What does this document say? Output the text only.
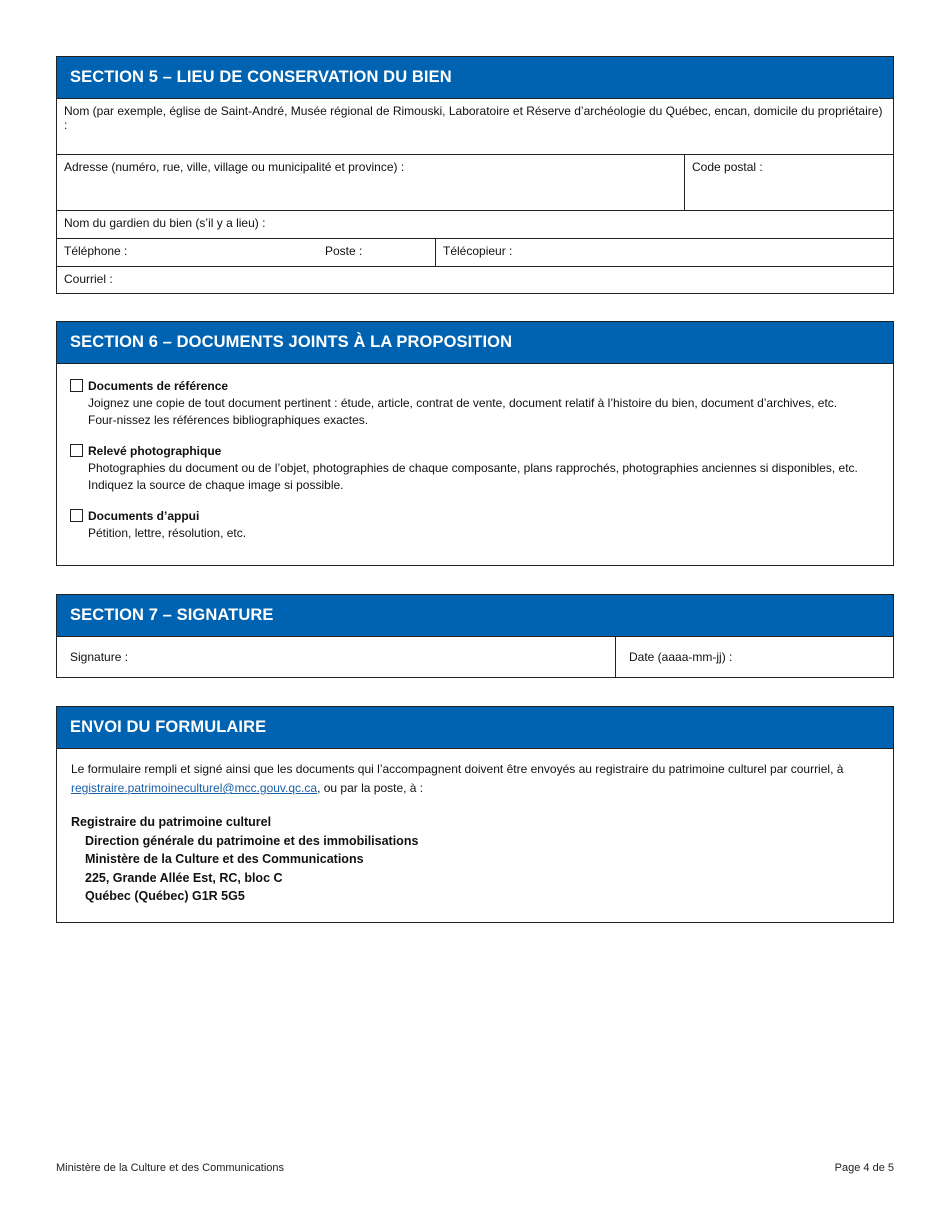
SECTION 5 – LIEU DE CONSERVATION DU BIEN
Nom (par exemple, église de Saint-André, Musée régional de Rimouski, Laboratoire et Réserve d’archéologie du Québec, encan, domicile du propriétaire) :
Adresse (numéro, rue, ville, village ou municipalité et province) :	Code postal :
Nom du gardien du bien (s’il y a lieu) :
Téléphone :	Poste :	Télécopieur :
Courriel :
SECTION 6 – DOCUMENTS JOINTS À LA PROPOSITION
Documents de référence
Joignez une copie de tout document pertinent : étude, article, contrat de vente, document relatif à l’histoire du bien, document d’archives, etc. Four-nissez les références bibliographiques exactes.
Relevé photographique
Photographies du document ou de l’objet, photographies de chaque composante, plans rapprochés, photographies anciennes si disponibles, etc. Indiquez la source de chaque image si possible.
Documents d’appui
Pétition, lettre, résolution, etc.
SECTION 7 – SIGNATURE
Signature :	Date (aaaa-mm-jj) :
ENVOI DU FORMULAIRE
Le formulaire rempli et signé ainsi que les documents qui l’accompagnent doivent être envoyés au registraire du patrimoine culturel par courriel, à registraire.patrimoineculturel@mcc.gouv.qc.ca, ou par la poste, à :
Registraire du patrimoine culturel
Direction générale du patrimoine et des immobilisations
Ministère de la Culture et des Communications
225, Grande Allée Est, RC, bloc C
Québec (Québec) G1R 5G5
Ministère de la Culture et des Communications	Page 4 de 5
